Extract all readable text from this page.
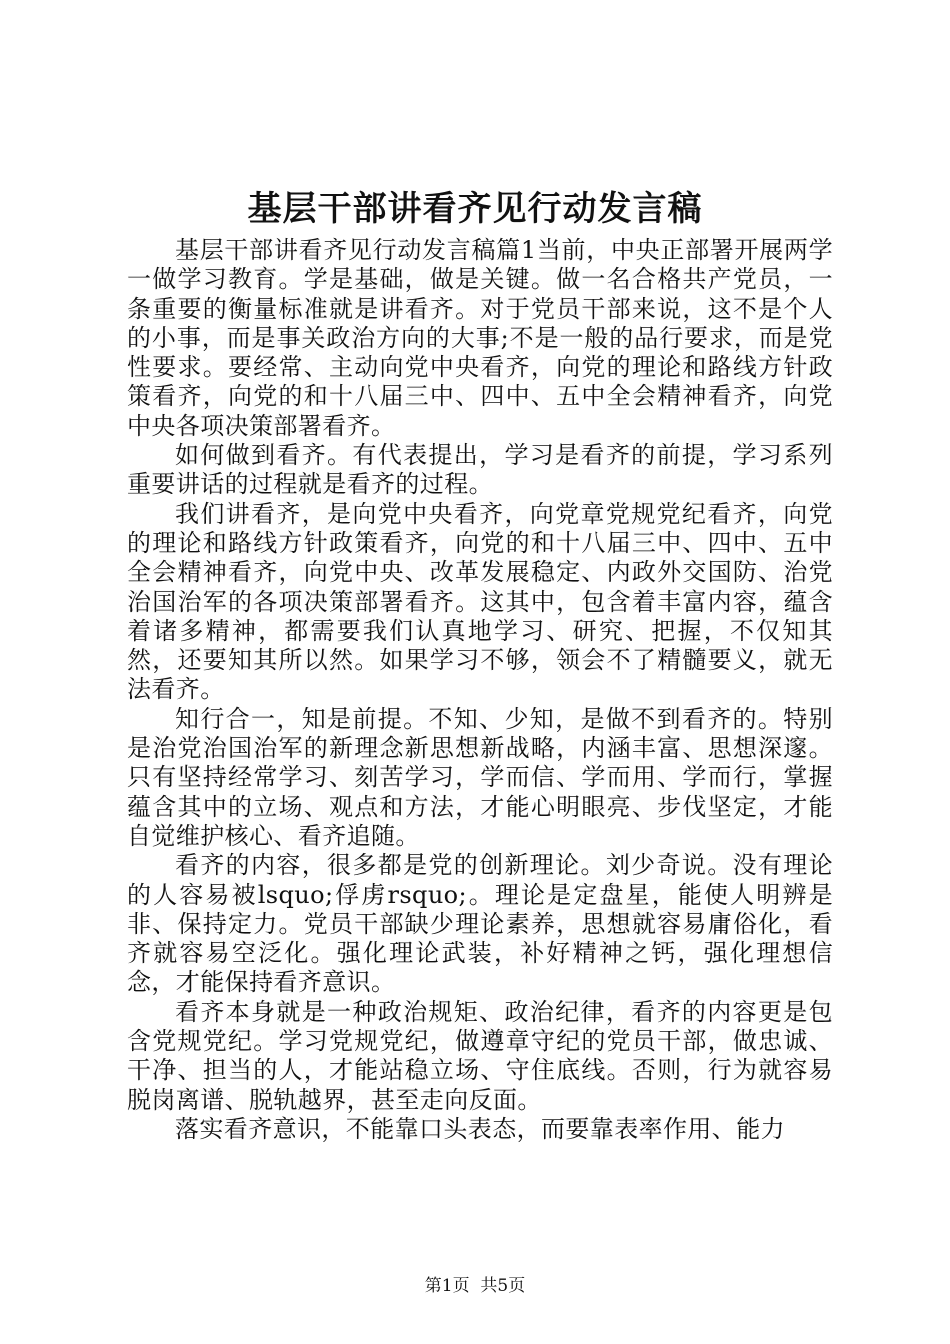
基层干部讲看齐见行动发言稿

基层干部讲看齐见行动发言稿篇1当前，中央正部署开展两学一做学习教育。学是基础，做是关键。做一名合格共产党员，一条重要的衡量标准就是讲看齐。对于党员干部来说，这不是个人的小事，而是事关政治方向的大事;不是一般的品行要求，而是党性要求。要经常、主动向党中央看齐，向党的理论和路线方针政策看齐，向党的和十八届三中、四中、五中全会精神看齐，向党中央各项决策部署看齐。

如何做到看齐。有代表提出，学习是看齐的前提，学习系列重要讲话的过程就是看齐的过程。

我们讲看齐，是向党中央看齐，向党章党规党纪看齐，向党的理论和路线方针政策看齐，向党的和十八届三中、四中、五中全会精神看齐，向党中央、改革发展稳定、内政外交国防、治党治国治军的各项决策部署看齐。这其中，包含着丰富内容，蕴含着诸多精神，都需要我们认真地学习、研究、把握，不仅知其然，还要知其所以然。如果学习不够，领会不了精髓要义，就无法看齐。

知行合一，知是前提。不知、少知，是做不到看齐的。特别是治党治国治军的新理念新思想新战略，内涵丰富、思想深邃。只有坚持经常学习、刻苦学习，学而信、学而用、学而行，掌握蕴含其中的立场、观点和方法，才能心明眼亮、步伐坚定，才能自觉维护核心、看齐追随。

看齐的内容，很多都是党的创新理论。刘少奇说。没有理论的人容易被lsquo;俘虏rsquo;。理论是定盘星，能使人明辨是非、保持定力。党员干部缺少理论素养，思想就容易庸俗化，看齐就容易空泛化。强化理论武装，补好精神之钙，强化理想信念，才能保持看齐意识。

看齐本身就是一种政治规矩、政治纪律，看齐的内容更是包含党规党纪。学习党规党纪，做遵章守纪的党员干部，做忠诚、干净、担当的人，才能站稳立场、守住底线。否则，行为就容易脱岗离谱、脱轨越界，甚至走向反面。

落实看齐意识，不能靠口头表态，而要靠表率作用、能力

第1页  共5页
